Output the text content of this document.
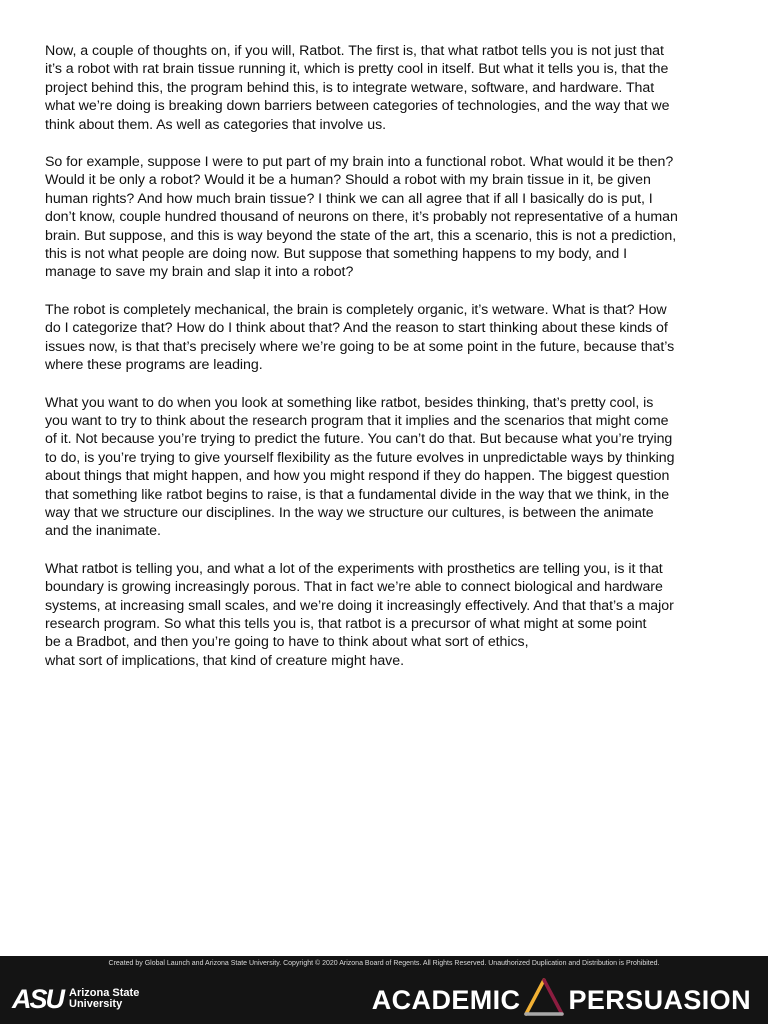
Now, a couple of thoughts on, if you will, Ratbot. The first is, that what ratbot tells you is not just that
it’s a robot with rat brain tissue running it, which is pretty cool in itself. But what it tells you is, that the
project behind this, the program behind this, is to integrate wetware, software, and hardware. That
what we’re doing is breaking down barriers between categories of technologies, and the way that we
think about them. As well as categories that involve us.

So for example, suppose I were to put part of my brain into a functional robot. What would it be then?
Would it be only a robot? Would it be a human? Should a robot with my brain tissue in it, be given
human rights? And how much brain tissue? I think we can all agree that if all I basically do is put, I
don’t know, couple hundred thousand of neurons on there, it’s probably not representative of a human
brain. But suppose, and this is way beyond the state of the art, this a scenario, this is not a prediction,
this is not what people are doing now. But suppose that something happens to my body, and I
manage to save my brain and slap it into a robot?

The robot is completely mechanical, the brain is completely organic, it’s wetware. What is that? How
do I categorize that? How do I think about that? And the reason to start thinking about these kinds of
issues now, is that that’s precisely where we’re going to be at some point in the future, because that’s
where these programs are leading.

What you want to do when you look at something like ratbot, besides thinking, that’s pretty cool, is
you want to try to think about the research program that it implies and the scenarios that might come
of it. Not because you’re trying to predict the future. You can’t do that. But because what you’re trying
to do, is you’re trying to give yourself flexibility as the future evolves in unpredictable ways by thinking
about things that might happen, and how you might respond if they do happen. The biggest question
that something like ratbot begins to raise, is that a fundamental divide in the way that we think, in the
way that we structure our disciplines. In the way we structure our cultures, is between the animate
and the inanimate.

What ratbot is telling you, and what a lot of the experiments with prosthetics are telling you, is it that
boundary is growing increasingly porous. That in fact we’re able to connect biological and hardware
systems, at increasing small scales, and we’re doing it increasingly effectively. And that that’s a major
research program. So what this tells you is, that ratbot is a precursor of what might at some point
be a Bradbot, and then you’re going to have to think about what sort of ethics,
what sort of implications, that kind of creature might have.

Created by Global Launch and Arizona State University. Copyright © 2020 Arizona Board of Regents. All Rights Reserved. Unauthorized Duplication and Distribution is Prohibited.
ASU Arizona State
University	ACADEMIC PERSUASION
